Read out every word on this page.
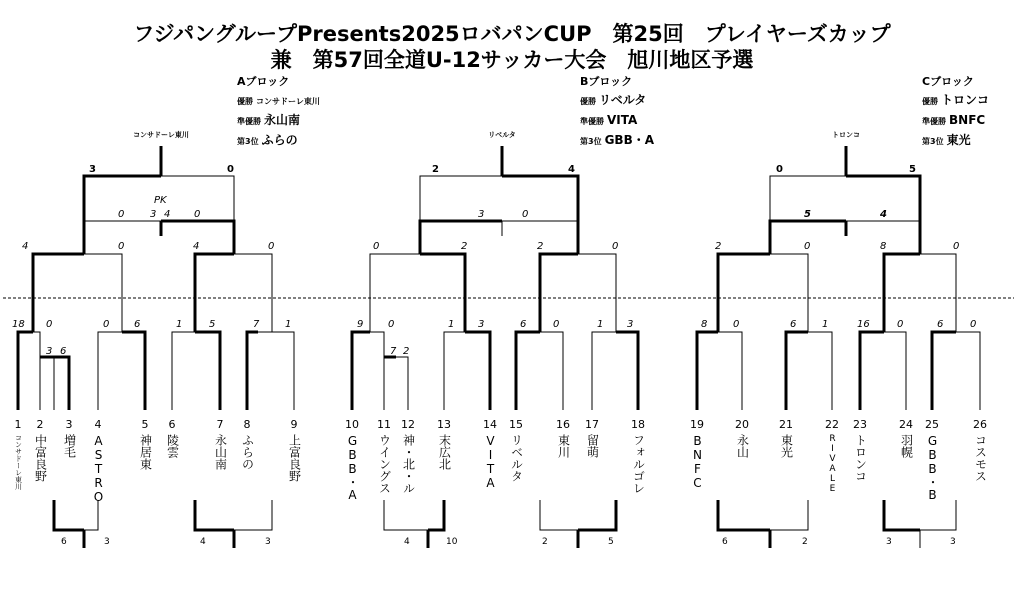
フジパングループPresents2025ロバパンCUP　第25回　プレイヤーズカップ
兼　第57回全道U-12サッカー大会　旭川地区予選
Aブロック
優勝 コンサドーレ東川
準優勝 永山南
第3位 ふらの
Bブロック
優勝 リベルタ
準優勝 VITA
第3位 GBB・A
Cブロック
優勝 トロンコ
準優勝 BNFC
第3位 東光
コンサドーレ東川	リベルタ	トロンコ
3	0
PK
0	3 4 0
4	0	4	0
18 0	0 6	1	5	7	1
3 6
2	4
3	0
0	2	2	0
9 0	1 3	6	0	1 3
7 2
0	5
5	4
2	0	8	0
8	0	6	1	16	0	6	0
6	3	4	3	4	10	2	5	6	2	3	3
1
コンサドーレ東川
2
中富良野
3
増毛
4
ASTRO
5
神居東
6
陵雲
7
永山南
8
ふらの
9
上富良野
10
GBB・A
11
ウイングス
12
神・北・ル
13
末広北
14
VITA
15
リベルタ
16
東川
17
留萌
18
フォルゴレ
19
BNFC
20
永山
21
東光
22
RIVALE
23
トロンコ
24
羽幌
25
GBB・B
26
コスモス
